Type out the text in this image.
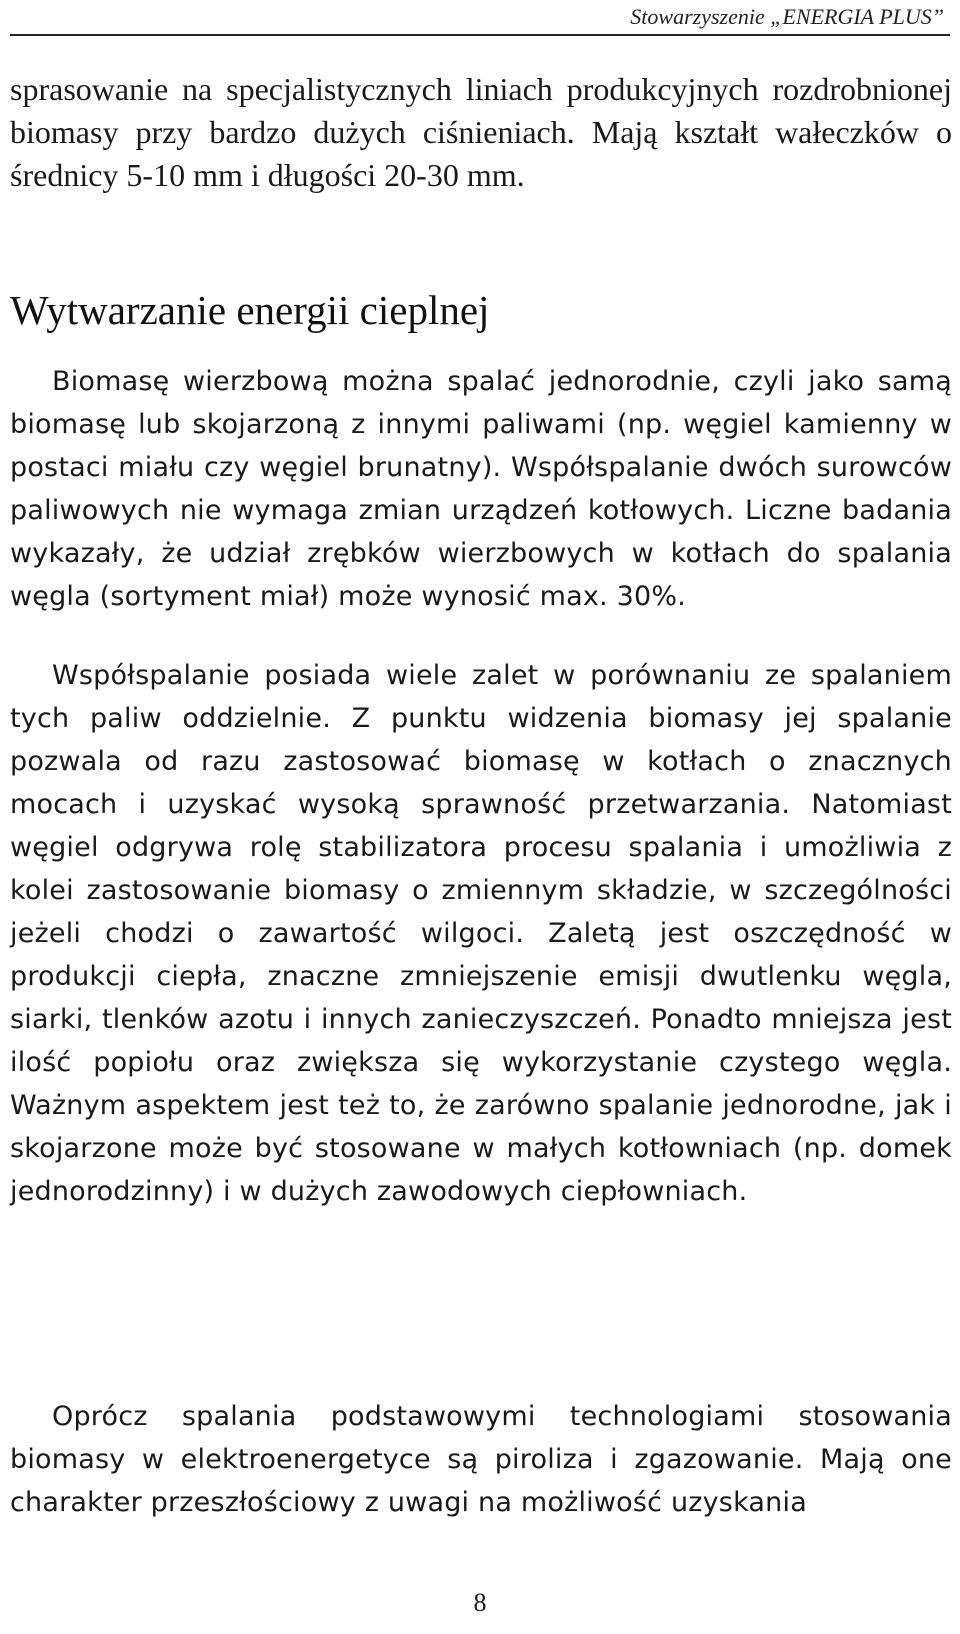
Stowarzyszenie „ENERGIA PLUS”

sprasowanie na specjalistycznych liniach produkcyjnych rozdrobnionej biomasy przy bardzo dużych ciśnieniach. Mają kształt wałeczków o średnicy 5-10 mm i długości 20-30 mm.

Wytwarzanie energii cieplnej

Biomasę wierzbową można spalać jednorodnie, czyli jako samą biomasę lub skojarzoną z innymi paliwami (np. węgiel kamienny w postaci miału czy węgiel brunatny). Współspalanie dwóch surowców paliwowych nie wymaga zmian urządzeń kotłowych. Liczne badania wykazały, że udział zrębków wierzbowych w kotłach do spalania węgla (sortyment miał) może wynosić max. 30%.

Współspalanie posiada wiele zalet w porównaniu ze spalaniem tych paliw oddzielnie. Z punktu widzenia biomasy jej spalanie pozwala od razu zastosować biomasę w kotłach o znacznych mocach i uzyskać wysoką sprawność przetwarzania. Natomiast węgiel odgrywa rolę stabilizatora procesu spalania i umożliwia z kolei zastosowanie biomasy o zmiennym składzie, w szczególności jeżeli chodzi o zawartość wilgoci. Zaletą jest oszczędność w produkcji ciepła, znaczne zmniejszenie emisji dwutlenku węgla, siarki, tlenków azotu i innych zanieczyszczeń. Ponadto mniejsza jest ilość popiołu oraz zwiększa się wykorzystanie czystego węgla. Ważnym aspektem jest też to, że zarówno spalanie jednorodne, jak i skojarzone może być stosowane w małych kotłowniach (np. domek jednorodzinny) i w dużych zawodowych ciepłowniach.

Oprócz spalania podstawowymi technologiami stosowania biomasy w elektroenergetyce są piroliza i zgazowanie. Mają one charakter przeszłościowy z uwagi na możliwość uzyskania

8
